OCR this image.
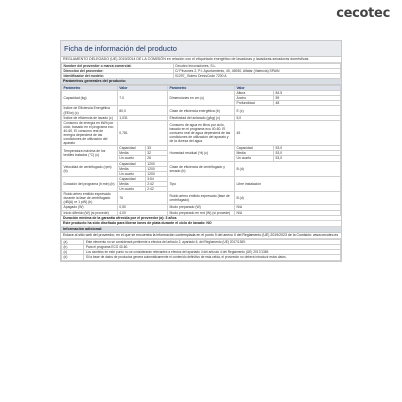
cecotec
Ficha de información del producto
REGLAMENTO DELEGADO (UE) 2019/2014 DE LA COMISIÓN en relación con el etiquetado energético de lavadoras y lavadoras-secadoras domésticas
Nombre del proveedor o marca comercial:	Cecotec Innovaciones, S.L.
Dirección del proveedor:	C/ Pinzones 2, P.I. Ayuntamiento, 40, 46930, Alfafar (Valencia) SPAIN
Identificador del modelo:	01297_ Bolero DressCode 7200 A
Parámetros generales del producto:
Parámetro	Valor		Parámetro	Valor	
Capacidad (kg)	7.0		Dimensiones en cm (c)	Altura	84.5
				Ancho	59
				Profundidad	48
Índice de Eficiencia Energética (EEIw) (c)	80,0		Clase de eficiencia energética (b)	E (c)	
Índice de eficiencia de lavado (c)	1,031		Efectividad del aclarado (g/kg) (c)	5,0	
Consumo de energía en kWh por ciclo, basado en el programa eco 40-60. El consumo real de energía dependerá de las condiciones de utilización del aparato	0,781		Consumo de agua en litros por ciclo, basado en el programa eco 40-60. El consumo real de agua dependerá de las condiciones de utilización del aparato y de la dureza del agua	45	
Temperatura máxima de los textiles tratados (°C) (c)	Capacidad	33	Humedad residual (%) (c)	Capacidad	53,0
	Media	32		Media	53,0
	Un cuarto	26		Un cuarto	53,0
Velocidad de centrifugado (rpm) (b)	Capacidad	1200	Clase de eficiencia de centrifugado y secado (b)	B (d)	
	Media	1200			
	Un cuarto	1200			
Duración del programa (h:min) (b)	Capacidad	3:54	Tipo	Libre instalación	
	Media	2:42			
	Un cuarto	2:42			
Ruido aéreo emitido expresado durante la fase de centrifugado (dB(A) re 1 pW) (b)	76		Ruido aéreo emitido expresado (fase de centrifugado)	B (d)	
Apagado (W)	0,50		Modo preparado (W)	N/A	
Inicio diferido (W) (si procede)	4,00		Modo preparado en red (W) (si procede)	N/A	
Duración mínima de la garantía ofrecida por el proveedor (a): 3 años
Este producto ha sido diseñado para liberar iones de plata durante el ciclo de lavado: NO
Información adicional:
Enlace al sitio web del proveedor, en el que se encuentra la información contemplada en el punto 9 del anexo II del Reglamento (UE) 2019/2023 de la Comisión: www.cecotec.es
(a)	Este elemento no se considerará pertinente a efectos del artículo 2, apartado 6, del Reglamento (UE) 2017/1369.
(b)	Para el programa ECO 40-60.
(c)	Los cambios en este punto no se considerarán relevantes a efectos del apartado 4 del artículo 4 del Reglamento (UE) 2017/1369.
(d)	Si la base de datos de productos genera automáticamente el contenido definitivo de esta celda, el proveedor no deberá introducir estos datos.
